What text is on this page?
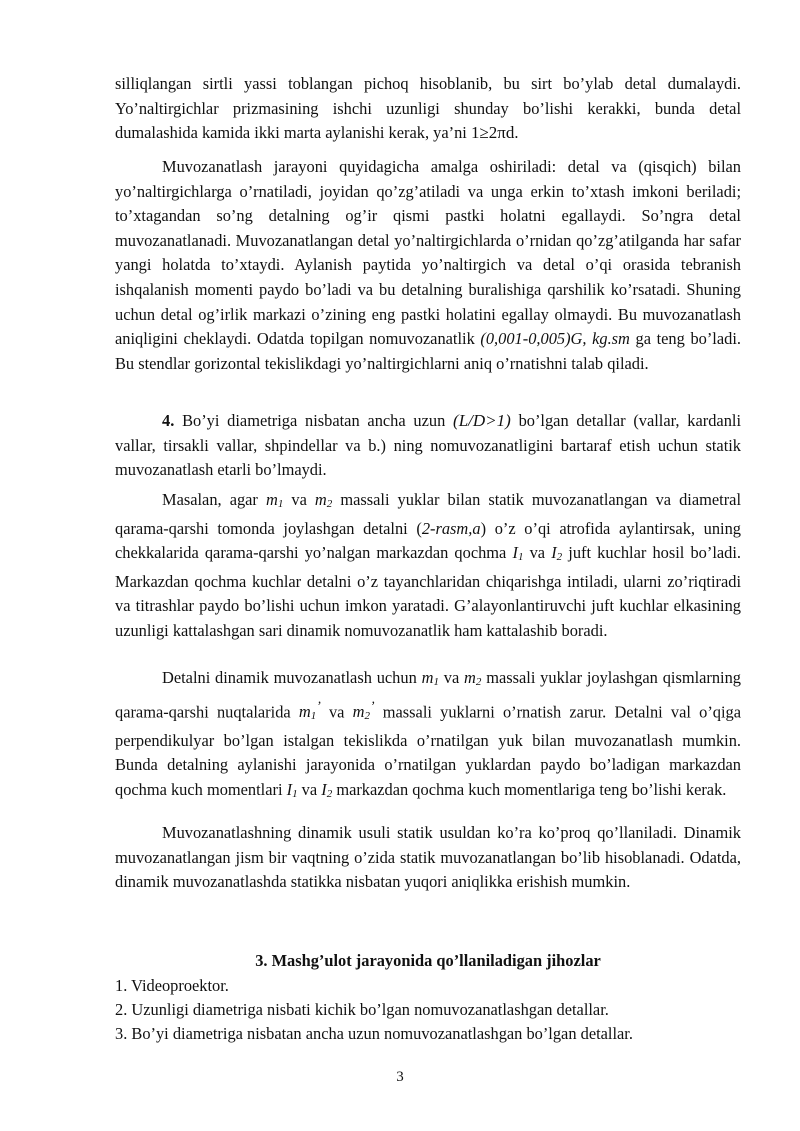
silliqlangan sirtli yassi toblangan pichoq hisoblanib, bu sirt bo’ylab detal dumalaydi. Yo’naltirgichlar prizmasining ishchi uzunligi shunday bo’lishi kerakki, bunda detal dumalashida kamida ikki marta aylanishi kerak, ya’ni 1≥2πd.

Muvozanatlash jarayoni quyidagicha amalga oshiriladi: detal va (qisqich) bilan yo’naltirgichlarga o’rnatiladi, joyidan qo’zg’atiladi va unga erkin to’xtash imkoni beriladi; to’xtagandan so’ng detalning og’ir qismi pastki holatni egallaydi. So’ngra detal muvozanatlanadi. Muvozanatlangan detal yo’naltirgichlarda o’rnidan qo’zg’atilganda har safar yangi holatda to’xtaydi. Aylanish paytida yo’naltirgich va detal o’qi orasida tebranish ishqalanish momenti paydo bo’ladi va bu detalning buralishiga qarshilik ko’rsatadi. Shuning uchun detal og’irlik markazi o’zining eng pastki holatini egallay olmaydi. Bu muvozanatlash aniqligini cheklaydi. Odatda topilgan nomuvozanatlik (0,001-0,005)G, kg.sm ga teng bo’ladi. Bu stendlar gorizontal tekislikdagi yo’naltirgichlarni aniq o’rnatishni talab qiladi.

4. Bo’yi diametriga nisbatan ancha uzun (L/D>1) bo’lgan detallar (vallar, kardanli vallar, tirsakli vallar, shpindellar va b.) ning nomuvozanatligini bartaraf etish uchun statik muvozanatlash etarli bo’lmaydi.

Masalan, agar m1 va m2 massali yuklar bilan statik muvozanatlangan va diametral qarama-qarshi tomonda joylashgan detalni (2-rasm,a) o’z o’qi atrofida aylantirsak, uning chekkalarida qarama-qarshi yo’nalgan markazdan qochma I1 va I2 juft kuchlar hosil bo’ladi. Markazdan qochma kuchlar detalni o’z tayanchlaridan chiqarishga intiladi, ularni zo’riqtiradi va titrashlar paydo bo’lishi uchun imkon yaratadi. G’alayonlantiruvchi juft kuchlar elkasining uzunligi kattalashgan sari dinamik nomuvozanatlik ham kattalashib boradi.

Detalni dinamik muvozanatlash uchun m1 va m2 massali yuklar joylashgan qismlarning qarama-qarshi nuqtalarida m1’ va m2’ massali yuklarni o’rnatish zarur. Detalni val o’qiga perpendikulyar bo’lgan istalgan tekislikda o’rnatilgan yuk bilan muvozanatlash mumkin. Bunda detalning aylanishi jarayonida o’rnatilgan yuklardan paydo bo’ladigan markazdan qochma kuch momentlari I1 va I2 markazdan qochma kuch momentlariga teng bo’lishi kerak.

Muvozanatlashning dinamik usuli statik usuldan ko’ra ko’proq qo’llaniladi. Dinamik muvozanatlangan jism bir vaqtning o’zida statik muvozanatlangan bo’lib hisoblanadi. Odatda, dinamik muvozanatlashda statikka nisbatan yuqori aniqlikka erishish mumkin.

3. Mashg’ulot jarayonida qo’llaniladigan jihozlar

1. Videoproektor.

2. Uzunligi diametriga nisbati kichik bo’lgan nomuvozanatlashgan detallar.

3. Bo’yi diametriga nisbatan ancha uzun nomuvozanatlashgan bo’lgan detallar.

3
